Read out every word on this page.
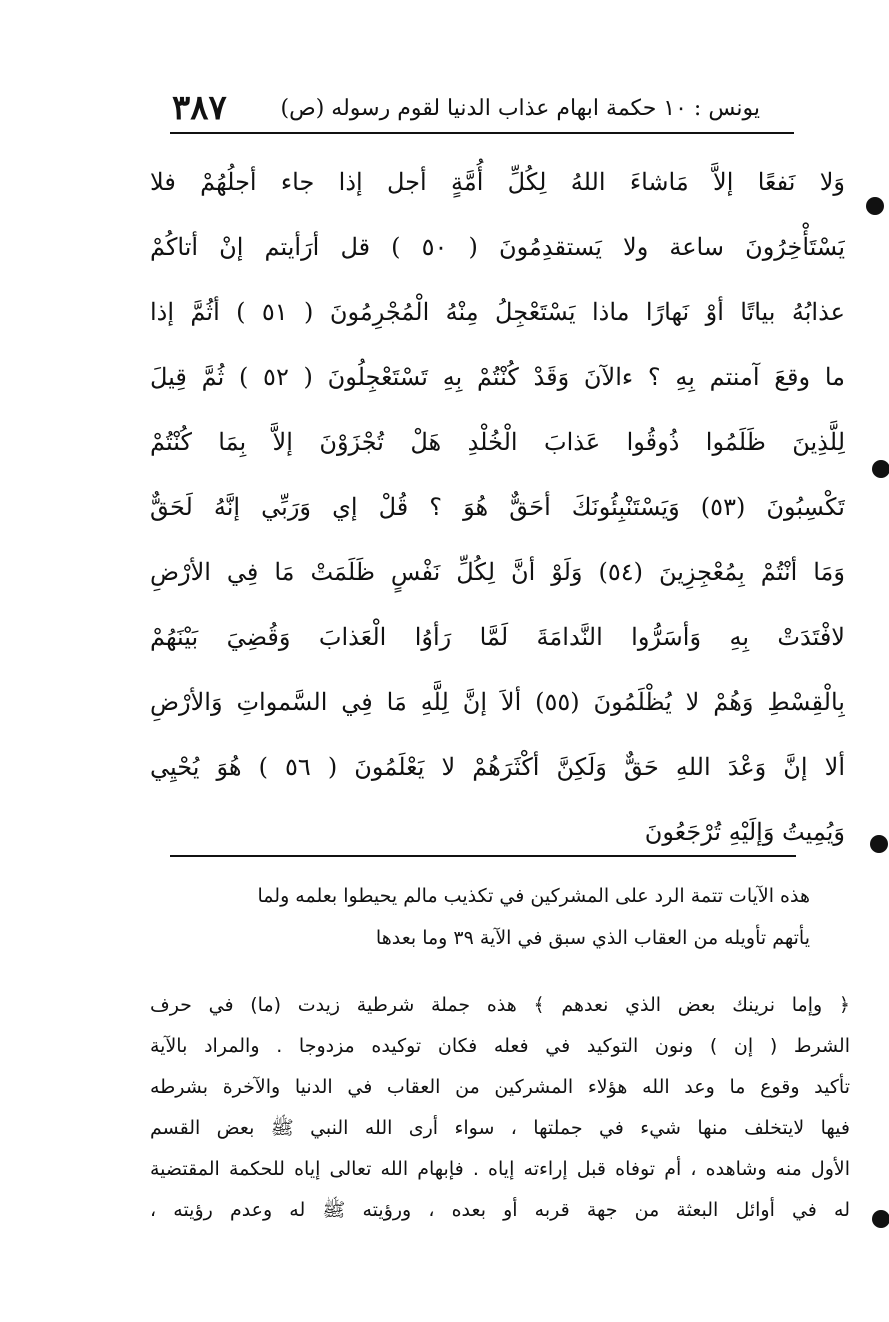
يونس : ١٠ حكمة ابهام عذاب الدنيا لقوم رسوله (ص)
٣٨٧
وَلا نَفعًا إلاَّ مَاشاءَ اللهُ لِكُلِّ أُمَّةٍ أجل إذا جاء أجلُهُمْ فلا
يَسْتَأْخِرُونَ ساعة ولا يَستقدِمُونَ ( ٥٠ ) قل أرَأيتم إنْ أتاكُمْ
عذابُهُ بياتًا أوْ نَهارًا ماذا يَسْتَعْجِلُ مِنْهُ الْمُجْرِمُونَ ( ٥١ ) أثُمَّ إذا
ما وقعَ آمنتم بِهِ ؟ ءالآنَ وَقَدْ كُنْتُمْ بِهِ تَسْتَعْجِلُونَ ( ٥٢ ) ثُمَّ قِيلَ
لِلَّذِينَ ظَلَمُوا ذُوقُوا عَذابَ الْخُلْدِ هَلْ تُجْزَوْنَ إلاَّ بِمَا كُنْتُمْ
تَكْسِبُونَ (٥٣) وَيَسْتَنْبِئُونَكَ أحَقٌّ هُوَ ؟ قُلْ إي وَرَبِّي إنَّهُ لَحَقٌّ
وَمَا أنْتُمْ بِمُعْجِزِينَ (٥٤) وَلَوْ أنَّ لِكُلِّ نَفْسٍ ظَلَمَتْ مَا فِي الأرْضِ
لافْتَدَتْ بِهِ وَأسَرُّوا النَّدامَةَ لَمَّا رَأوُا الْعَذابَ وَقُضِيَ بَيْنَهُمْ
بِالْقِسْطِ وَهُمْ لا يُظْلَمُونَ (٥٥) ألاَ إنَّ لِلَّهِ مَا فِي السَّمواتِ وَالأرْضِ
ألا إنَّ وَعْدَ اللهِ حَقٌّ وَلَكِنَّ أكْثَرَهُمْ لا يَعْلَمُونَ ( ٥٦ ) هُوَ يُحْيِي
وَيُمِيتُ وَإلَيْهِ تُرْجَعُونَ
هذه الآيات تتمة الرد على المشركين في تكذيب مالم يحيطوا بعلمه ولما
يأتهم تأويله من العقاب الذي سبق في الآية ٣٩ وما بعدها
﴿ وإما نرينك بعض الذي نعدهم ﴾ هذه جملة شرطية زيدت (ما) في حرف
الشرط ( إن ) ونون التوكيد في فعله فكان توكيده مزدوجا . والمراد بالآية
تأكيد وقوع ما وعد الله هؤلاء المشركين من العقاب في الدنيا والآخرة بشرطه
فيها لايتخلف منها شيء في جملتها ، سواء أرى الله النبي ﷺ بعض القسم
الأول منه وشاهده ، أم توفاه قبل إراءته إياه . فإبهام الله تعالى إياه للحكمة المقتضية
له في أوائل البعثة من جهة قربه أو بعده ، ورؤيته ﷺ له وعدم رؤيته ،
